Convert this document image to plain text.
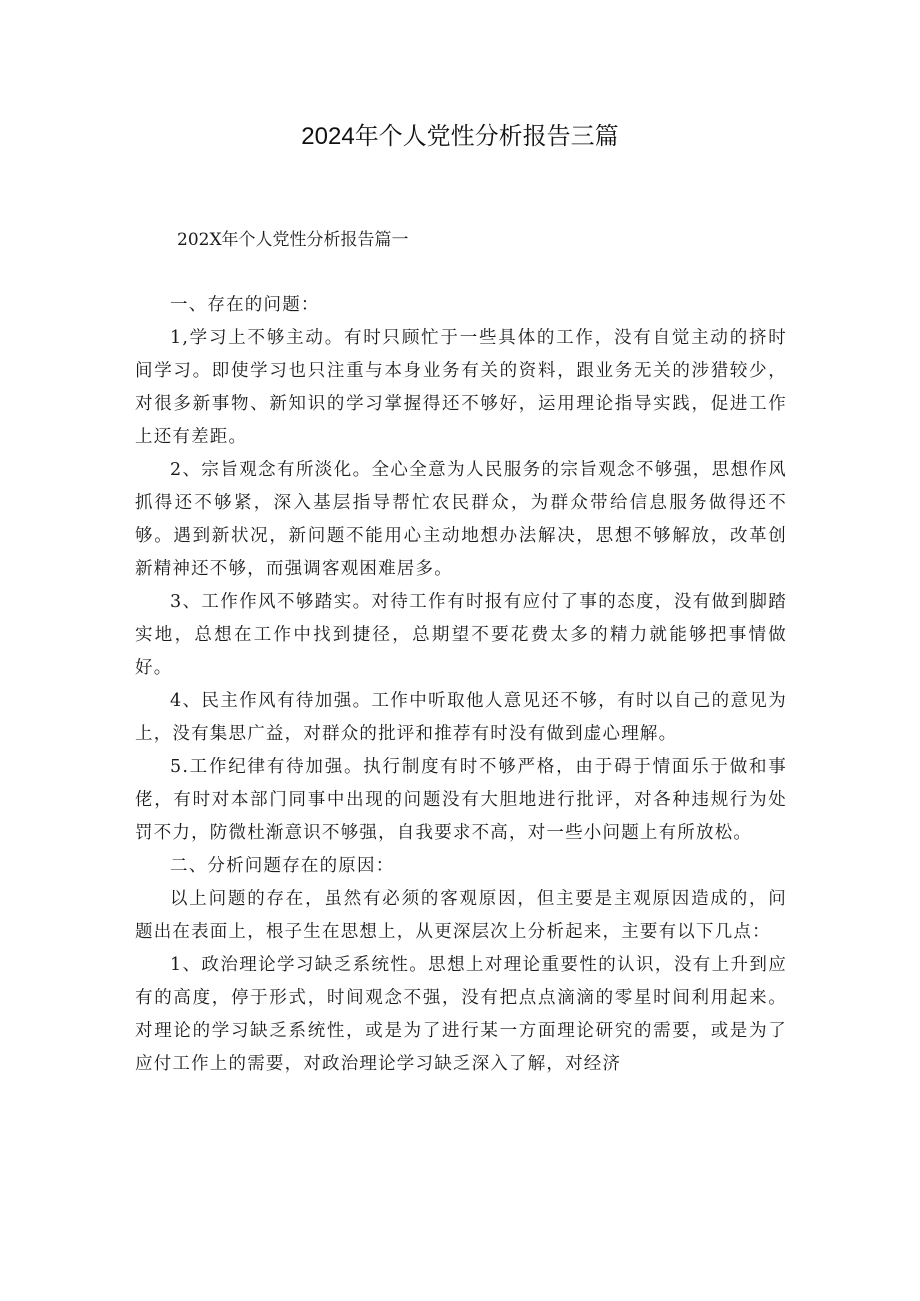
2024年个人党性分析报告三篇
202X年个人党性分析报告篇一

一、存在的问题：

1,学习上不够主动。有时只顾忙于一些具体的工作，没有自觉主动的挤时间学习。即使学习也只注重与本身业务有关的资料，跟业务无关的涉猎较少，对很多新事物、新知识的学习掌握得还不够好，运用理论指导实践，促进工作上还有差距。

2、宗旨观念有所淡化。全心全意为人民服务的宗旨观念不够强，思想作风抓得还不够紧，深入基层指导帮忙农民群众，为群众带给信息服务做得还不够。遇到新状况，新问题不能用心主动地想办法解决，思想不够解放，改革创新精神还不够，而强调客观困难居多。

3、工作作风不够踏实。对待工作有时报有应付了事的态度，没有做到脚踏实地，总想在工作中找到捷径，总期望不要花费太多的精力就能够把事情做好。

4、民主作风有待加强。工作中听取他人意见还不够，有时以自己的意见为上，没有集思广益，对群众的批评和推荐有时没有做到虚心理解。

5.工作纪律有待加强。执行制度有时不够严格，由于碍于情面乐于做和事佬，有时对本部门同事中出现的问题没有大胆地进行批评，对各种违规行为处罚不力，防微杜渐意识不够强，自我要求不高，对一些小问题上有所放松。

二、分析问题存在的原因：

以上问题的存在，虽然有必须的客观原因，但主要是主观原因造成的，问题出在表面上，根子生在思想上，从更深层次上分析起来，主要有以下几点：

1、政治理论学习缺乏系统性。思想上对理论重要性的认识，没有上升到应有的高度，停于形式，时间观念不强，没有把点点滴滴的零星时间利用起来。对理论的学习缺乏系统性，或是为了进行某一方面理论研究的需要，或是为了应付工作上的需要，对政治理论学习缺乏深入了解，对经济
